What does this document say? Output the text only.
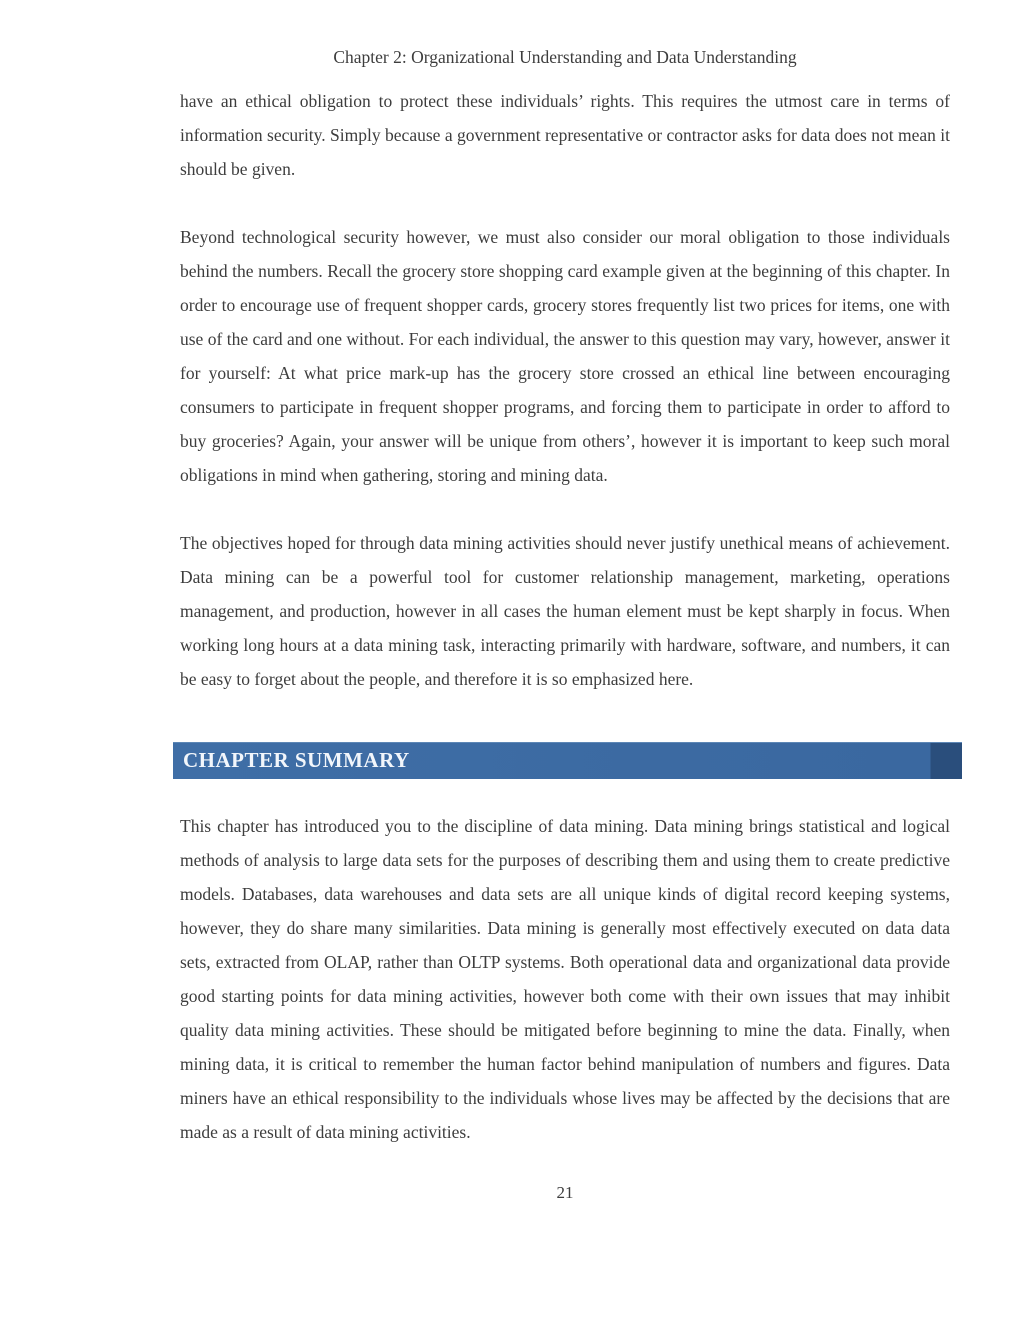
Chapter 2: Organizational Understanding and Data Understanding

have an ethical obligation to protect these individuals’ rights. This requires the utmost care in terms of information security. Simply because a government representative or contractor asks for data does not mean it should be given.

Beyond technological security however, we must also consider our moral obligation to those individuals behind the numbers. Recall the grocery store shopping card example given at the beginning of this chapter. In order to encourage use of frequent shopper cards, grocery stores frequently list two prices for items, one with use of the card and one without. For each individual, the answer to this question may vary, however, answer it for yourself: At what price mark-up has the grocery store crossed an ethical line between encouraging consumers to participate in frequent shopper programs, and forcing them to participate in order to afford to buy groceries? Again, your answer will be unique from others’, however it is important to keep such moral obligations in mind when gathering, storing and mining data.

The objectives hoped for through data mining activities should never justify unethical means of achievement. Data mining can be a powerful tool for customer relationship management, marketing, operations management, and production, however in all cases the human element must be kept sharply in focus. When working long hours at a data mining task, interacting primarily with hardware, software, and numbers, it can be easy to forget about the people, and therefore it is so emphasized here.

CHAPTER SUMMARY

This chapter has introduced you to the discipline of data mining. Data mining brings statistical and logical methods of analysis to large data sets for the purposes of describing them and using them to create predictive models. Databases, data warehouses and data sets are all unique kinds of digital record keeping systems, however, they do share many similarities. Data mining is generally most effectively executed on data data sets, extracted from OLAP, rather than OLTP systems. Both operational data and organizational data provide good starting points for data mining activities, however both come with their own issues that may inhibit quality data mining activities. These should be mitigated before beginning to mine the data. Finally, when mining data, it is critical to remember the human factor behind manipulation of numbers and figures. Data miners have an ethical responsibility to the individuals whose lives may be affected by the decisions that are made as a result of data mining activities.

21
